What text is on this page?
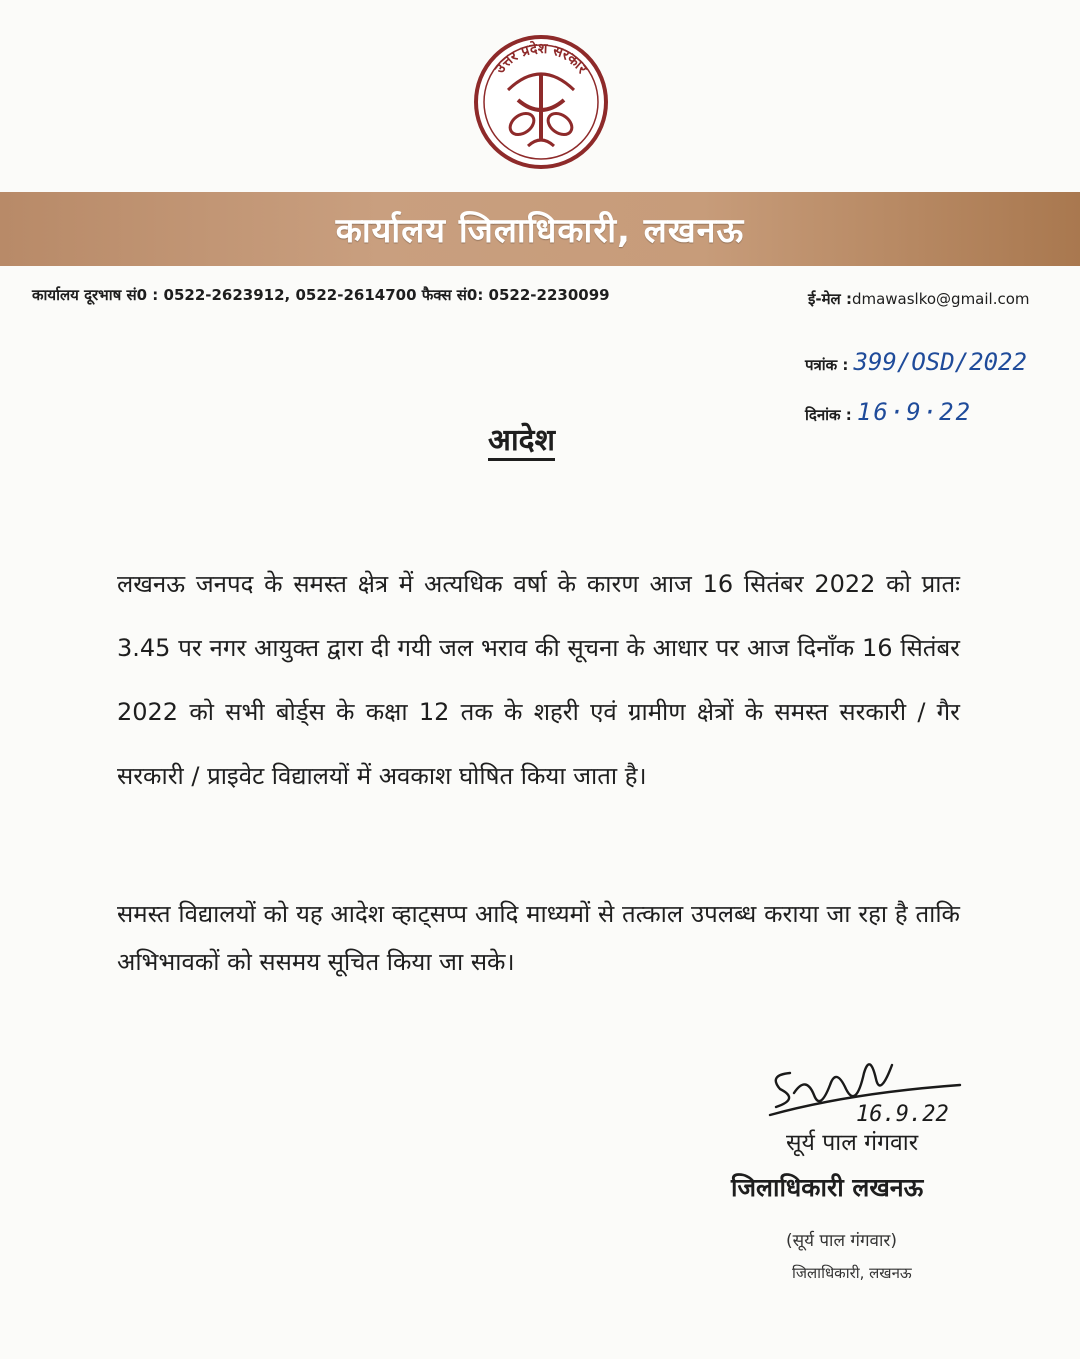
उत्तर प्रदेश सरकार
कार्यालय जिलाधिकारी, लखनऊ
कार्यालय दूरभाष सं0 : 0522-2623912, 0522-2614700 फैक्स सं0: 0522-2230099	ई-मेल :dmawaslko@gmail.com
पत्रांक : 399/OSD/2022
दिनांक : 16·9·22
आदेश
लखनऊ जनपद के समस्त क्षेत्र में अत्यधिक वर्षा के कारण आज 16 सितंबर 2022 को प्रातः 3.45 पर नगर आयुक्त द्वारा दी गयी जल भराव की सूचना के आधार पर आज दिनाँक 16 सितंबर 2022 को सभी बोर्ड्स के कक्षा 12 तक के शहरी एवं ग्रामीण क्षेत्रों के समस्त सरकारी / गैर सरकारी / प्राइवेट विद्यालयों में अवकाश घोषित किया जाता है।
समस्त विद्यालयों को यह आदेश व्हाट्सप्प आदि माध्यमों से तत्काल उपलब्ध कराया जा रहा है ताकि अभिभावकों को ससमय सूचित किया जा सके।
16.9.22
सूर्य पाल गंगवार
जिलाधिकारी लखनऊ
(सूर्य पाल गंगवार)
जिलाधिकारी, लखनऊ
